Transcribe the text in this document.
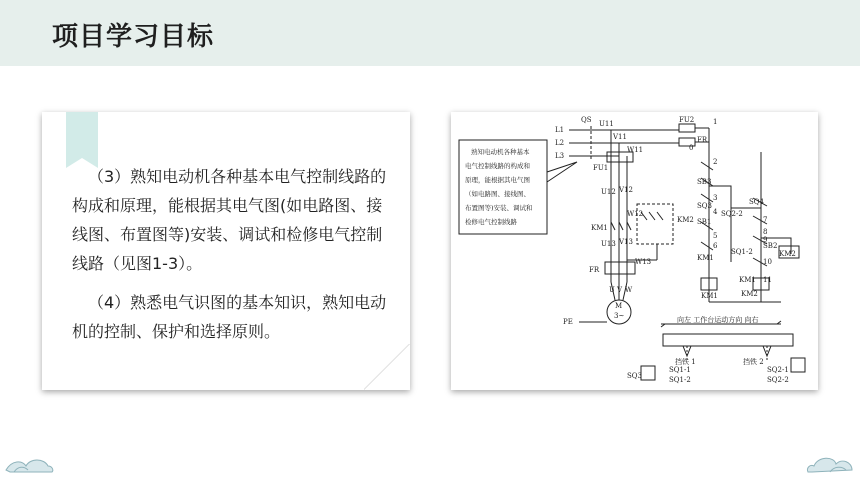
项目学习目标

（3）熟知电动机各种基本电气控制线路的构成和原理，能根据其电气图(如电路图、接线图、布置图等)安装、调试和检修电气控制线路（见图1-3）。

（4）熟悉电气识图的基本知识，熟知电动机的控制、保护和选择原则。

熟知电动机各种基本
电气控制线路的构成和
原理，能根据其电气图
（如电路图、接线图、
布置图等)安装、调试和
检修电气控制线路
L1
L2
L3
QS U11
V11
W11
FU1
FU2
U12 V12
W12
KM1
U13 V13
W13
FR
U V W
M
3~
PE
KM2
FR
SB3
SQ3
SB1
KM1
SQ2-2
SQ1-2
SQ4
SB2
KM2
KM1
KM2
KM1
1
0
2
3
4
5
6
7
8
9
10
11
向左 工作台运动方向 向右
挡铁 1	挡铁 2
SQ1-1
SQ1-2
SQ3
SQ2-1
SQ2-2
